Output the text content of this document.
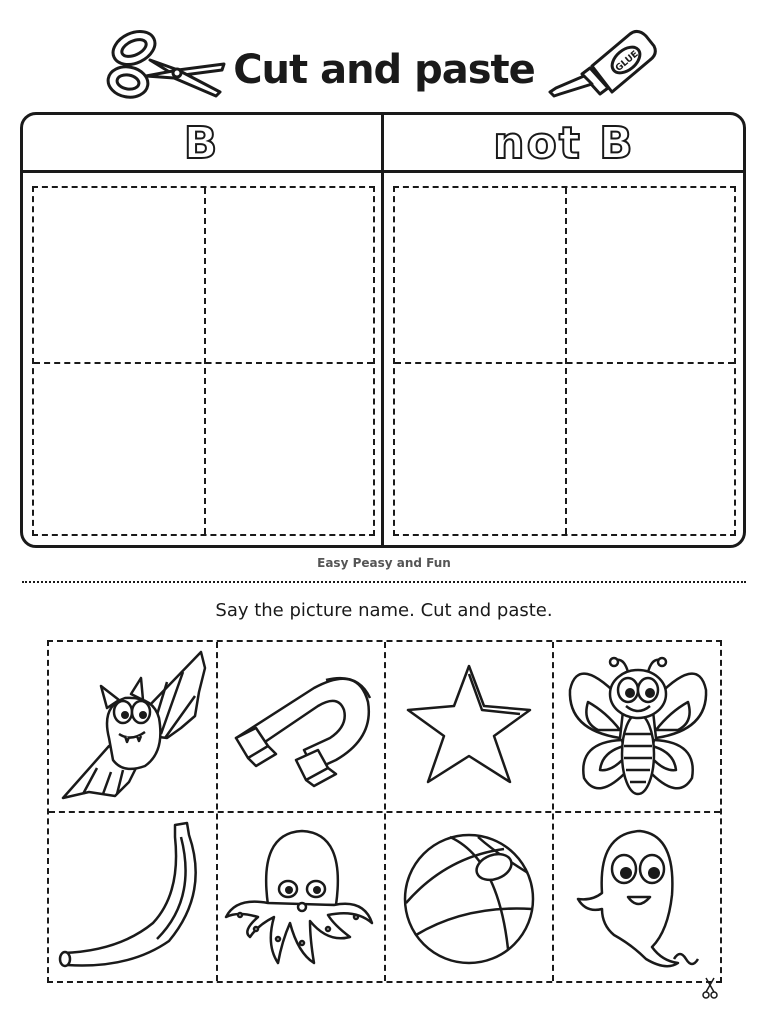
Cut and paste	GLUE
B	not B
Easy Peasy and Fun
Say the picture name. Cut and paste.
